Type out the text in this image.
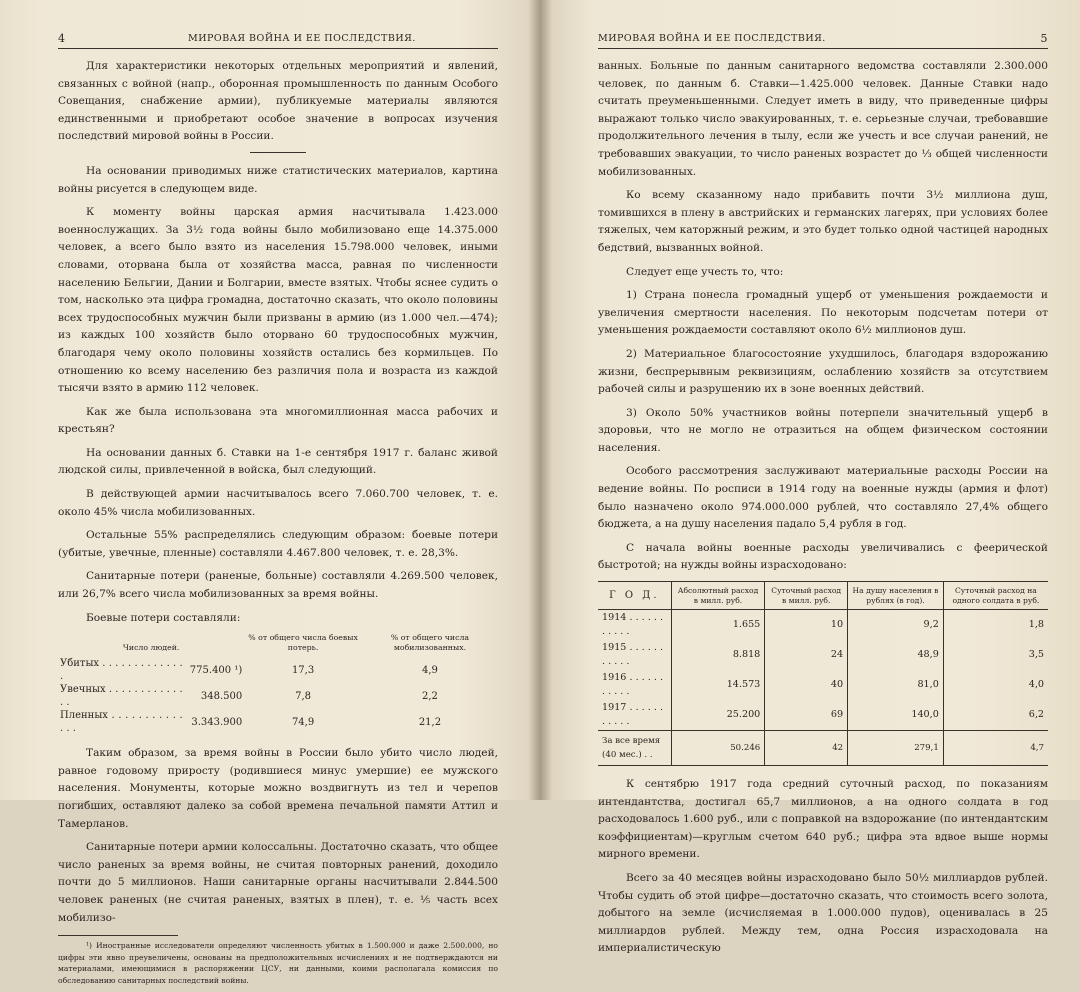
4	МИРОВАЯ ВОЙНА И ЕЕ ПОСЛЕДСТВИЯ.

Для характеристики некоторых отдельных мероприятий и явлений, связанных с войной (напр., оборонная промышленность по данным Особого Совещания, снабжение армии), публикуемые материалы являются единственными и приобретают особое значение в вопросах изучения последствий мировой войны в России.

На основании приводимых ниже статистических материалов, картина войны рисуется в следующем виде.

К моменту войны царская армия насчитывала 1.423.000 военнослужащих. За 3½ года войны было мобилизовано еще 14.375.000 человек, а всего было взято из населения 15.798.000 человек, иными словами, оторвана была от хозяйства масса, равная по численности населению Бельгии, Дании и Болгарии, вместе взятых. Чтобы яснее судить о том, насколько эта цифра громадна, достаточно сказать, что около половины всех трудоспособных мужчин были призваны в армию (из 1.000 чел.—474); из каждых 100 хозяйств было оторвано 60 трудоспособных мужчин, благодаря чему около половины хозяйств остались без кормильцев. По отношению ко всему населению без различия пола и возраста из каждой тысячи взято в армию 112 человек.

Как же была использована эта многомиллионная масса рабочих и крестьян?

На основании данных б. Ставки на 1-е сентября 1917 г. баланс живой людской силы, привлеченной в войска, был следующий.

В действующей армии насчитывалось всего 7.060.700 человек, т. е. около 45% числа мобилизованных.

Остальные 55% распределялись следующим образом: боевые потери (убитые, увечные, пленные) составляли 4.467.800 человек, т. е. 28,3%.

Санитарные потери (раненые, больные) составляли 4.269.500 человек, или 26,7% всего числа мобилизованных за время войны.

Боевые потери составляли:

Число людей.		% от общего числа боевых потерь.	% от общего числа мобилизованных.
Убитых . . . . . . . . . . . . . .	775.400 ¹)	17,3	4,9
Увечных . . . . . . . . . . . . . .	348.500	7,8	2,2
Пленных . . . . . . . . . . . . . .	3.343.900	74,9	21,2

Таким образом, за время войны в России было убито число людей, равное годовому приросту (родившиеся минус умершие) ее мужского населения. Монументы, которые можно воздвигнуть из тел и черепов погибших, оставляют далеко за собой времена печальной памяти Аттил и Тамерланов.

Санитарные потери армии колоссальны. Достаточно сказать, что общее число раненых за время войны, не считая повторных ранений, доходило почти до 5 миллионов. Наши санитарные органы насчитывали 2.844.500 человек раненых (не считая раненых, взятых в плен), т. е. ⅕ часть всех мобилизо-

¹) Иностранные исследователи определяют численность убитых в 1.500.000 и даже 2.500.000, но цифры эти явно преувеличены, основаны на предположительных исчислениях и не подтверждаются ни материалами, имеющимися в распоряжении ЦСУ, ни данными, коими располагала комиссия по обследованию санитарных последствий войны.

МИРОВАЯ ВОЙНА И ЕЕ ПОСЛЕДСТВИЯ.	5

ванных. Больные по данным санитарного ведомства составляли 2.300.000 человек, по данным б. Ставки—1.425.000 человек. Данные Ставки надо считать преуменьшенными. Следует иметь в виду, что приведенные цифры выражают только число эвакуированных, т. е. серьезные случаи, требовавшие продолжительного лечения в тылу, если же учесть и все случаи ранений, не требовавших эвакуации, то число раненых возрастет до ⅓ общей численности мобилизованных.

Ко всему сказанному надо прибавить почти 3½ миллиона душ, томившихся в плену в австрийских и германских лагерях, при условиях более тяжелых, чем каторжный режим, и это будет только одной частицей народных бедствий, вызванных войной.

Следует еще учесть то, что:

1) Страна понесла громадный ущерб от уменьшения рождаемости и увеличения смертности населения. По некоторым подсчетам потери от уменьшения рождаемости составляют около 6½ миллионов душ.

2) Материальное благосостояние ухудшилось, благодаря вздорожанию жизни, беспрерывным реквизициям, ослаблению хозяйств за отсутствием рабочей силы и разрушению их в зоне военных действий.

3) Около 50% участников войны потерпели значительный ущерб в здоровьи, что не могло не отразиться на общем физическом состоянии населения.

Особого рассмотрения заслуживают материальные расходы России на ведение войны. По росписи в 1914 году на военные нужды (армия и флот) было назначено около 974.000.000 рублей, что составляло 27,4% общего бюджета, а на душу населения падало 5,4 рубля в год.

С начала войны военные расходы увеличивались с феерической быстротой; на нужды войны израсходовано:

Г О Д.	Абсолютный расход в милл. руб.	Суточный расход в милл. руб.	На душу населения в рублях (в год).	Суточный расход на одного солдата в руб.
1914 . . . . . . . . . . .	1.655	10	9,2	1,8
1915 . . . . . . . . . . .	8.818	24	48,9	3,5
1916 . . . . . . . . . . .	14.573	40	81,0	4,0
1917 . . . . . . . . . . .	25.200	69	140,0	6,2
За все время (40 мес.) . .	50.246	42	279,1	4,7

К сентябрю 1917 года средний суточный расход, по показаниям интендантства, достигал 65,7 миллионов, а на одного солдата в год расходовалось 1.600 руб., или с поправкой на вздорожание (по интендантским коэффициентам)—круглым счетом 640 руб.; цифра эта вдвое выше нормы мирного времени.

Всего за 40 месяцев войны израсходовано было 50½ миллиардов рублей. Чтобы судить об этой цифре—достаточно сказать, что стоимость всего золота, добытого на земле (исчисляемая в 1.000.000 пудов), оценивалась в 25 миллиардов рублей. Между тем, одна Россия израсходовала на империалистическую
